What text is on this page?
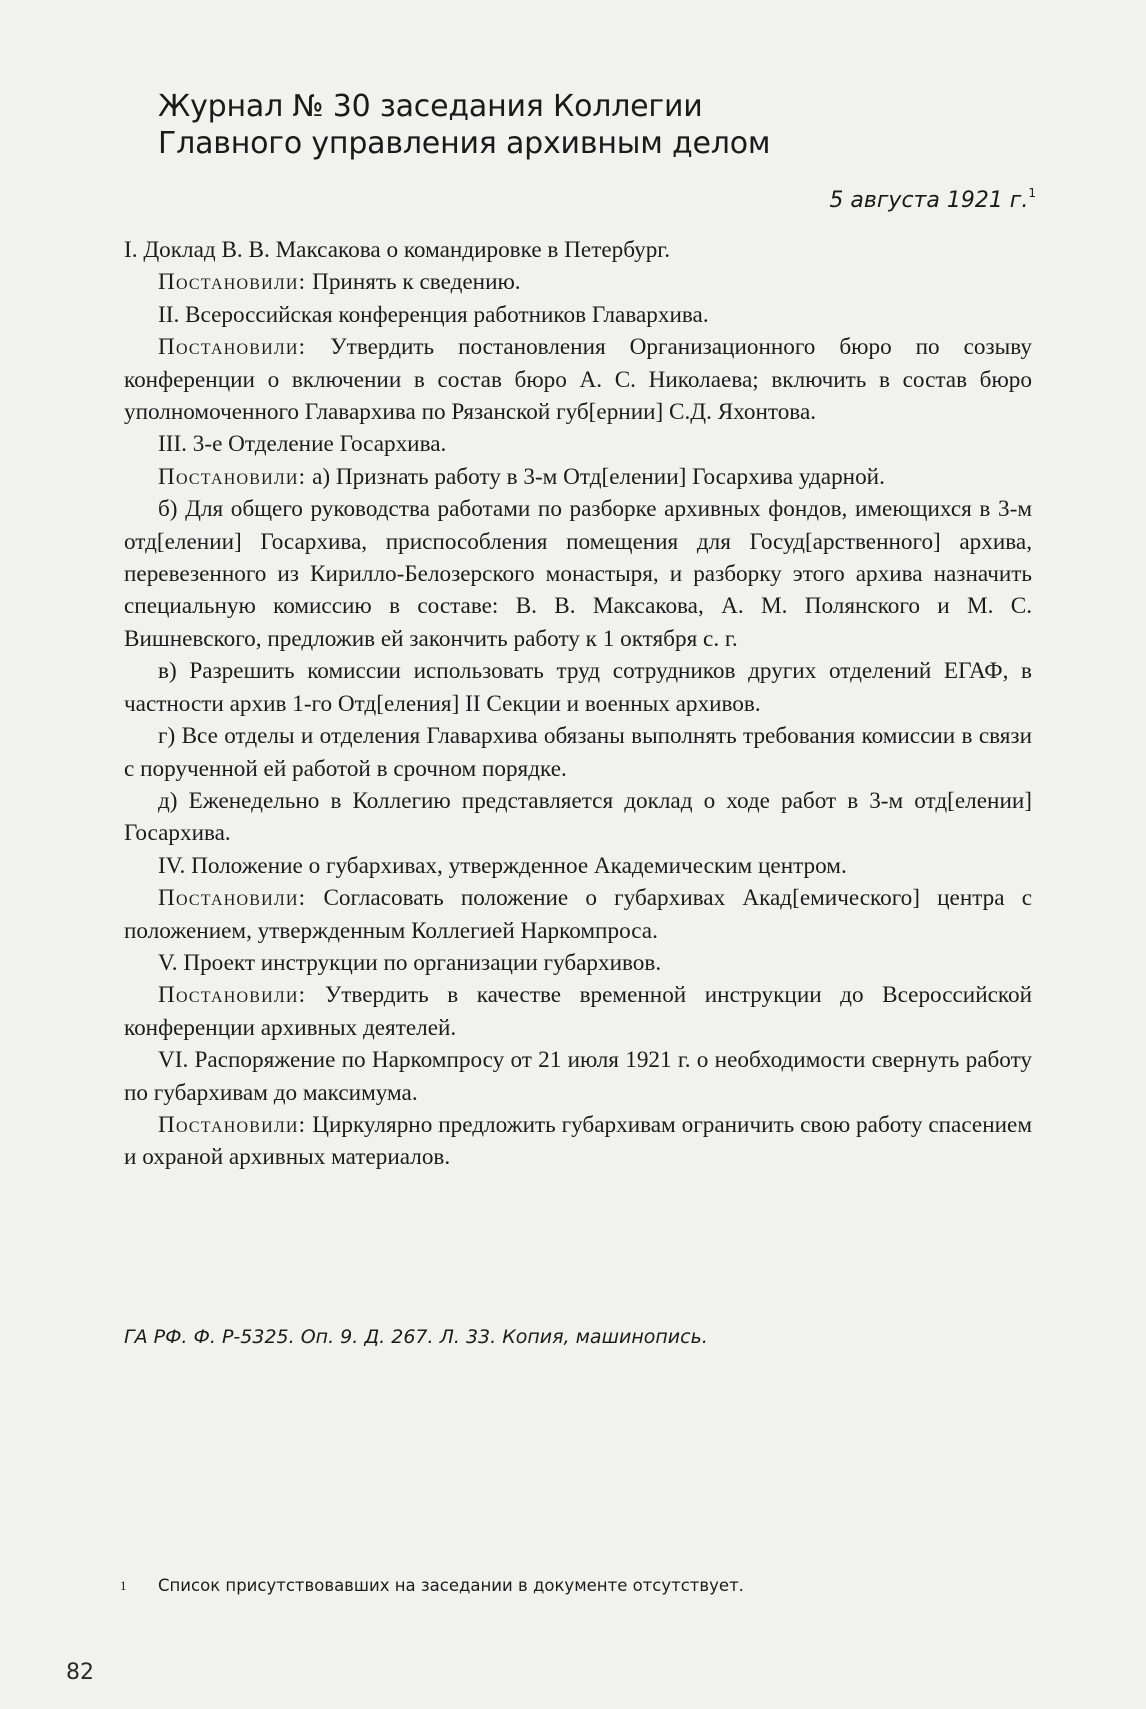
Журнал № 30 заседания Коллегии
Главного управления архивным делом
5 августа 1921 г.$^1$

I. Доклад В. В. Максакова о командировке в Петербург.

Постановили: Принять к сведению.

II. Всероссийская конференция работников Главархива.

Постановили: Утвердить постановления Организационного бюро по созыву конференции о включении в состав бюро А. С. Николаева; включить в состав бюро уполномоченного Главархива по Рязанской губ[ернии] С.Д. Яхонтова.

III. 3-е Отделение Госархива.

Постановили: а) Признать работу в 3-м Отд[елении] Госархива ударной.

б) Для общего руководства работами по разборке архивных фондов, имеющихся в 3-м отд[елении] Госархива, приспособления помещения для Госуд[арственного] архива, перевезенного из Кирилло-Белозерского монастыря, и разборку этого архива назначить специальную комиссию в составе: В. В. Максакова, А. М. Полянского и М. С. Вишневского, предложив ей закончить работу к 1 октября с. г.

в) Разрешить комиссии использовать труд сотрудников других отделений ЕГАФ, в частности архив 1-го Отд[еления] II Секции и военных архивов.

г) Все отделы и отделения Главархива обязаны выполнять требования комиссии в связи с порученной ей работой в срочном порядке.

д) Еженедельно в Коллегию представляется доклад о ходе работ в 3-м отд[елении] Госархива.

IV. Положение о губархивах, утвержденное Академическим центром.

Постановили: Согласовать положение о губархивах Акад[емического] центра с положением, утвержденным Коллегией Наркомпроса.

V. Проект инструкции по организации губархивов.

Постановили: Утвердить в качестве временной инструкции до Всероссийской конференции архивных деятелей.

VI. Распоряжение по Наркомпросу от 21 июля 1921 г. о необходимости свернуть работу по губархивам до максимума.

Постановили: Циркулярно предложить губархивам ограничить свою работу спасением и охраной архивных материалов.

ГА РФ. Ф. Р-5325. Оп. 9. Д. 267. Л. 33. Копия, машинопись.
1 Список присутствовавших на заседании в документе отсутствует.
82
